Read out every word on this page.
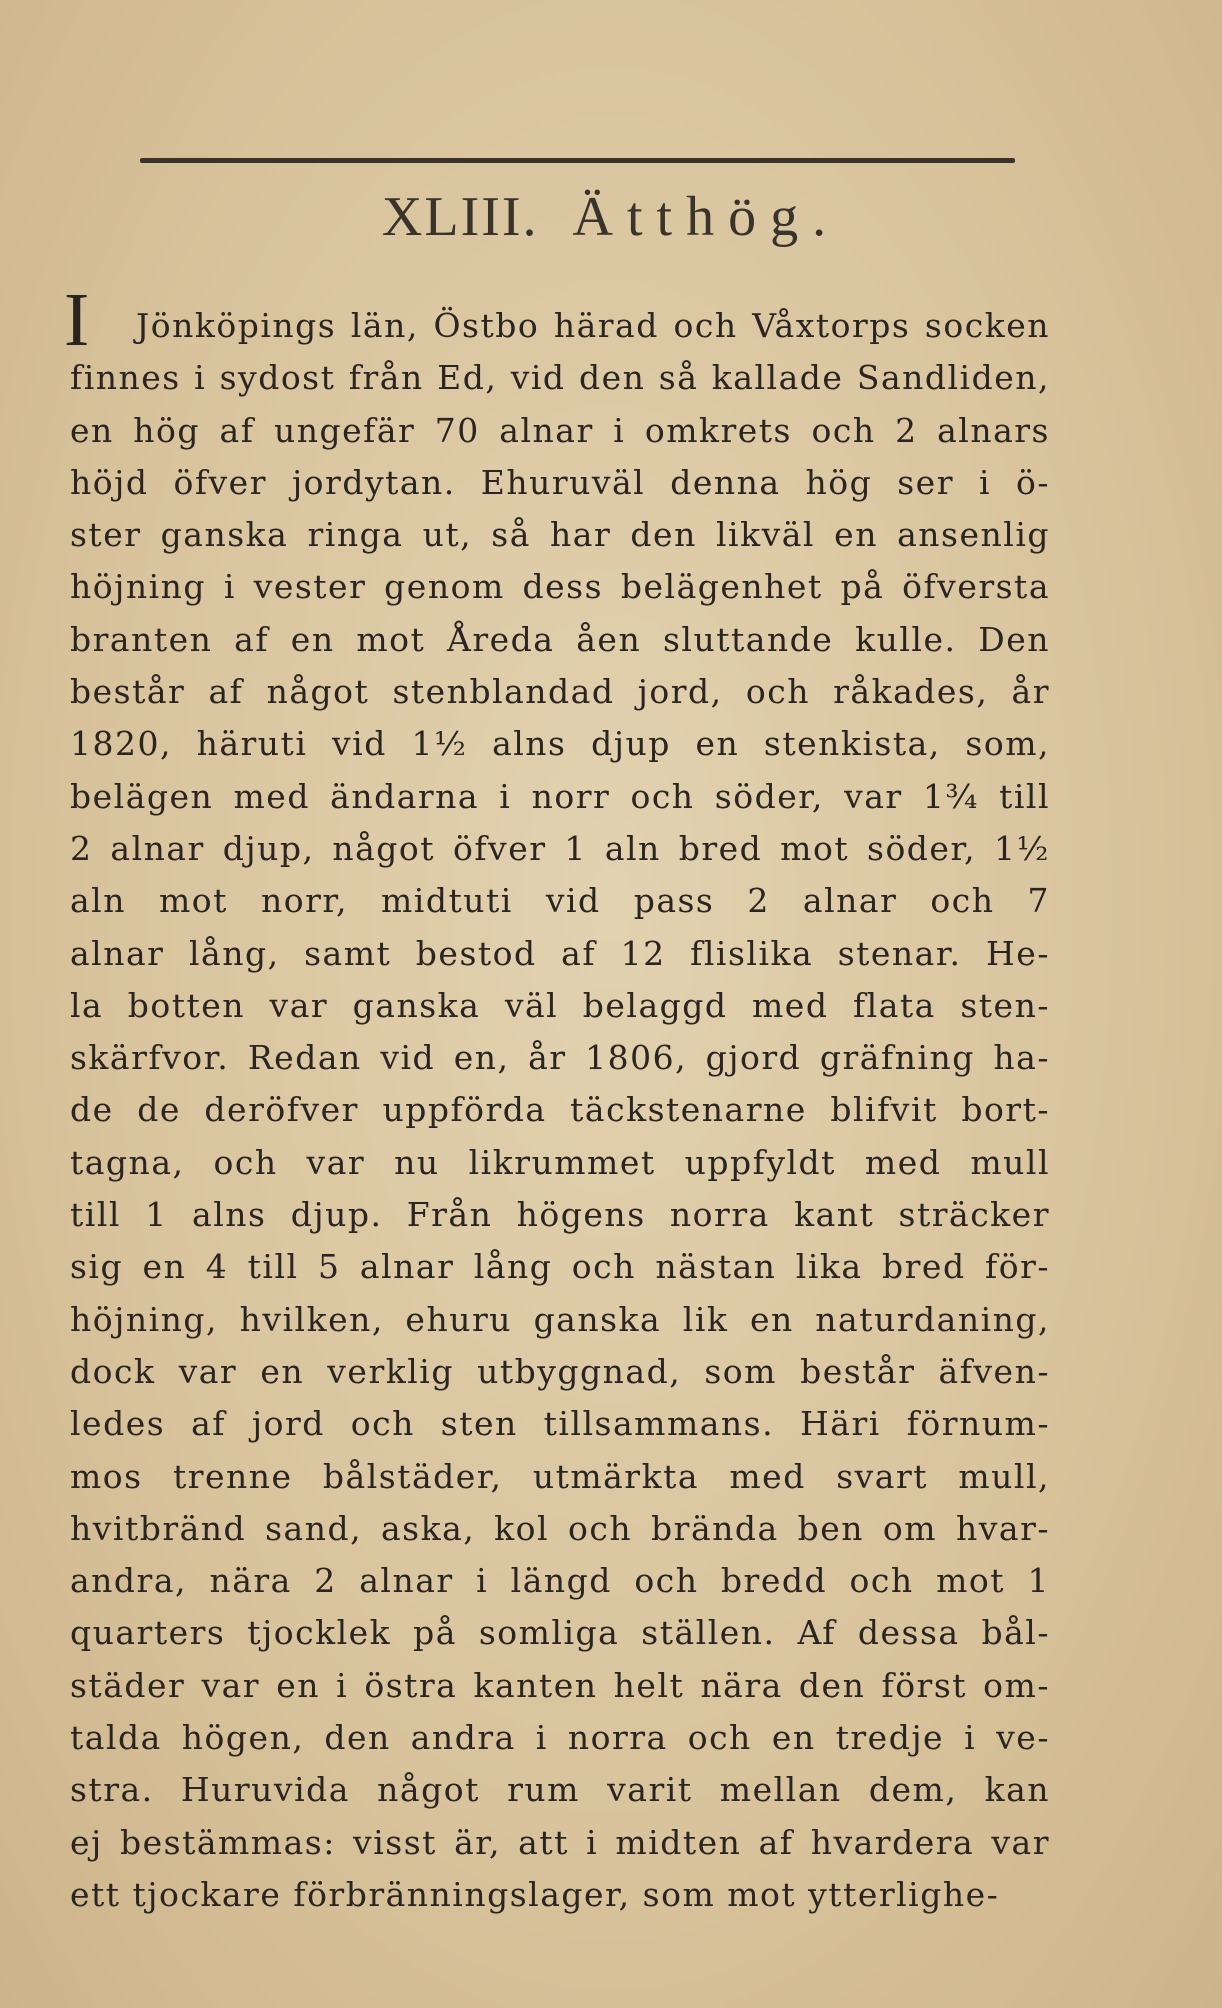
XLIII. Ätthög.
I Jönköpings län, Östbo härad och Våxtorps socken
finnes i sydost från Ed, vid den så kallade Sandliden,
en hög af ungefär 70 alnar i omkrets och 2 alnars
höjd öfver jordytan. Ehuruväl denna hög ser i ö-
ster ganska ringa ut, så har den likväl en ansenlig
höjning i vester genom dess belägenhet på öfversta
branten af en mot Åreda åen sluttande kulle. Den
består af något stenblandad jord, och råkades, år
1820, häruti vid 1½ alns djup en stenkista, som,
belägen med ändarna i norr och söder, var 1¾ till
2 alnar djup, något öfver 1 aln bred mot söder, 1½
aln mot norr, midtuti vid pass 2 alnar och 7
alnar lång, samt bestod af 12 flislika stenar. He-
la botten var ganska väl belaggd med flata sten-
skärfvor. Redan vid en, år 1806, gjord gräfning ha-
de de deröfver uppförda täckstenarne blifvit bort-
tagna, och var nu likrummet uppfyldt med mull
till 1 alns djup. Från högens norra kant sträcker
sig en 4 till 5 alnar lång och nästan lika bred för-
höjning, hvilken, ehuru ganska lik en naturdaning,
dock var en verklig utbyggnad, som består äfven-
ledes af jord och sten tillsammans. Häri förnum-
mos trenne bålstäder, utmärkta med svart mull,
hvitbränd sand, aska, kol och brända ben om hvar-
andra, nära 2 alnar i längd och bredd och mot 1
quarters tjocklek på somliga ställen. Af dessa bål-
städer var en i östra kanten helt nära den först om-
talda högen, den andra i norra och en tredje i ve-
stra. Huruvida något rum varit mellan dem, kan
ej bestämmas: visst är, att i midten af hvardera var
ett tjockare förbränningslager, som mot ytterlighe-
